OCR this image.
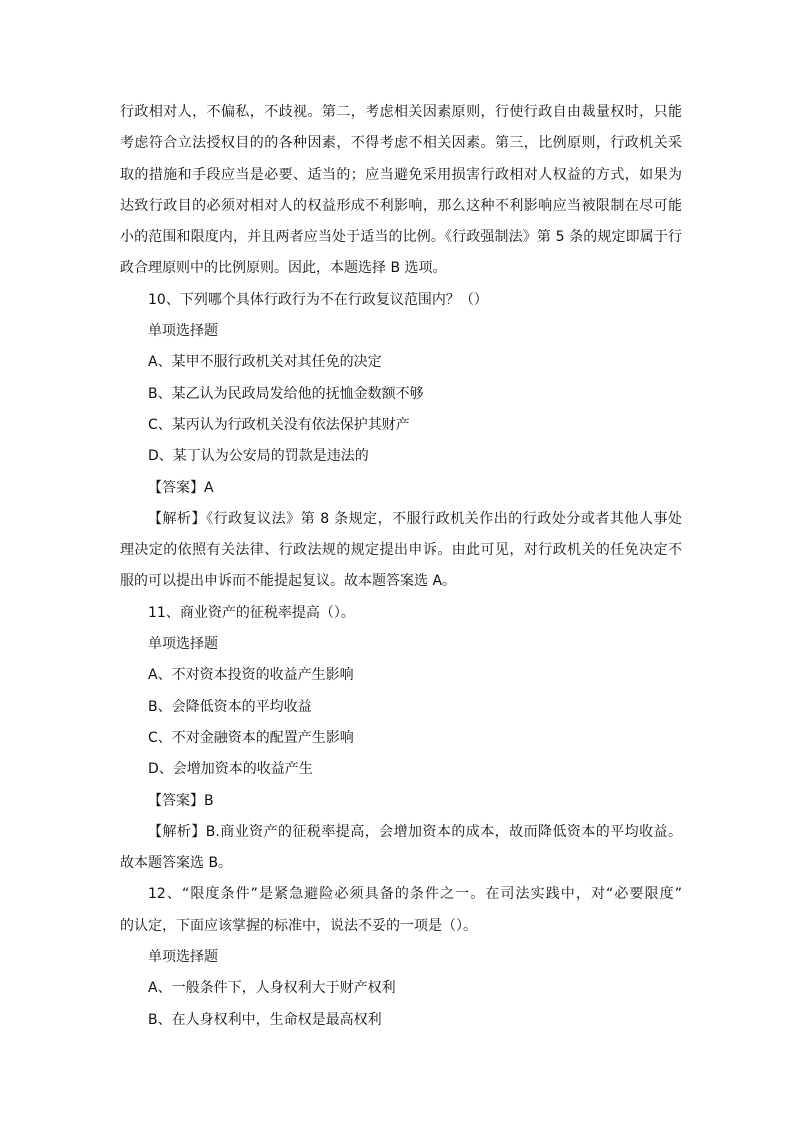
行政相对人，不偏私，不歧视。第二，考虑相关因素原则，行使行政自由裁量权时，只能
考虑符合立法授权目的的各种因素，不得考虑不相关因素。第三，比例原则，行政机关采
取的措施和手段应当是必要、适当的；应当避免采用损害行政相对人权益的方式，如果为
达致行政目的必须对相对人的权益形成不利影响，那么这种不利影响应当被限制在尽可能
小的范围和限度内，并且两者应当处于适当的比例。《行政强制法》第 5 条的规定即属于行
政合理原则中的比例原则。因此，本题选择 B 选项。
10、下列哪个具体行政行为不在行政复议范围内？（）
单项选择题
A、某甲不服行政机关对其任免的决定
B、某乙认为民政局发给他的抚恤金数额不够
C、某丙认为行政机关没有依法保护其财产
D、某丁认为公安局的罚款是违法的
【答案】A
【解析】《行政复议法》第 8 条规定，不服行政机关作出的行政处分或者其他人事处
理决定的依照有关法律、行政法规的规定提出申诉。由此可见，对行政机关的任免决定不
服的可以提出申诉而不能提起复议。故本题答案选 A。
11、商业资产的征税率提高（）。
单项选择题
A、不对资本投资的收益产生影响
B、会降低资本的平均收益
C、不对金融资本的配置产生影响
D、会增加资本的收益产生
【答案】B
【解析】B.商业资产的征税率提高，会增加资本的成本，故而降低资本的平均收益。
故本题答案选 B。
12、“限度条件”是紧急避险必须具备的条件之一。在司法实践中，对“必要限度”
的认定，下面应该掌握的标准中，说法不妥的一项是（）。
单项选择题
A、一般条件下，人身权利大于财产权利
B、在人身权利中，生命权是最高权利
